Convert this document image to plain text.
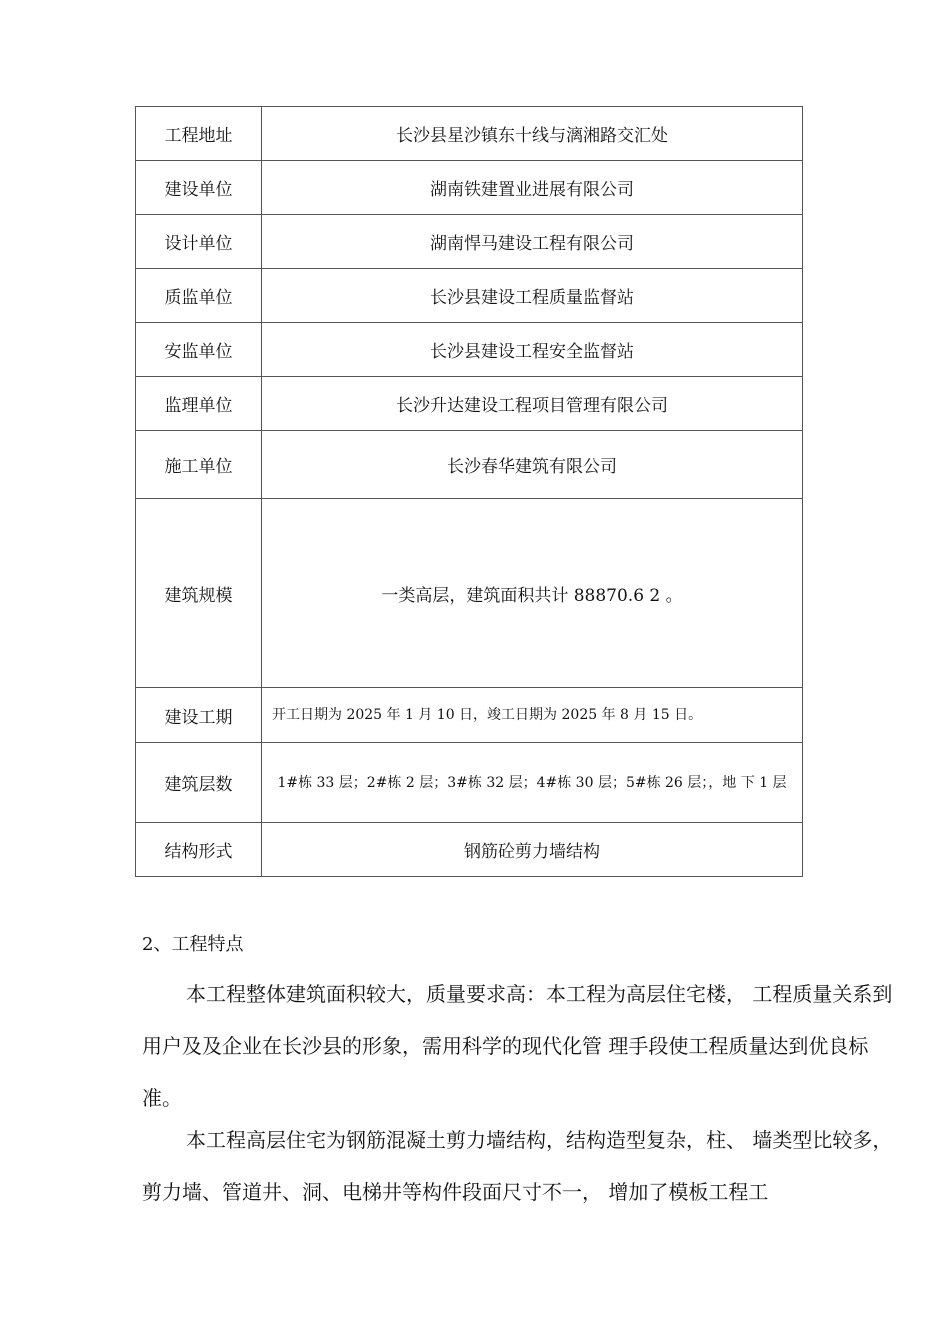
工程地址	长沙县星沙镇东十线与漓湘路交汇处
建设单位	湖南铁建置业进展有限公司
设计单位	湖南悍马建设工程有限公司
质监单位	长沙县建设工程质量监督站
安监单位	长沙县建设工程安全监督站
监理单位	长沙升达建设工程项目管理有限公司
施工单位	长沙春华建筑有限公司
建筑规模	一类高层，建筑面积共计 88870.6 2 。
建设工期	开工日期为 2025 年 1 月 10 日，竣工日期为 2025 年 8 月 15 日。
建筑层数	1#栋 33 层；2#栋 2 层；3#栋 32 层；4#栋 30 层；5#栋 26 层；，地 下 1 层
结构形式	钢筋砼剪力墙结构
2、工程特点

本工程整体建筑面积较大，质量要求高：本工程为高层住宅楼， 工程质量关系到用户及及企业在长沙县的形象，需用科学的现代化管 理手段使工程质量达到优良标准。

本工程高层住宅为钢筋混凝土剪力墙结构，结构造型复杂，柱、 墙类型比较多，剪力墙、管道井、洞、电梯井等构件段面尺寸不一， 增加了模板工程工
